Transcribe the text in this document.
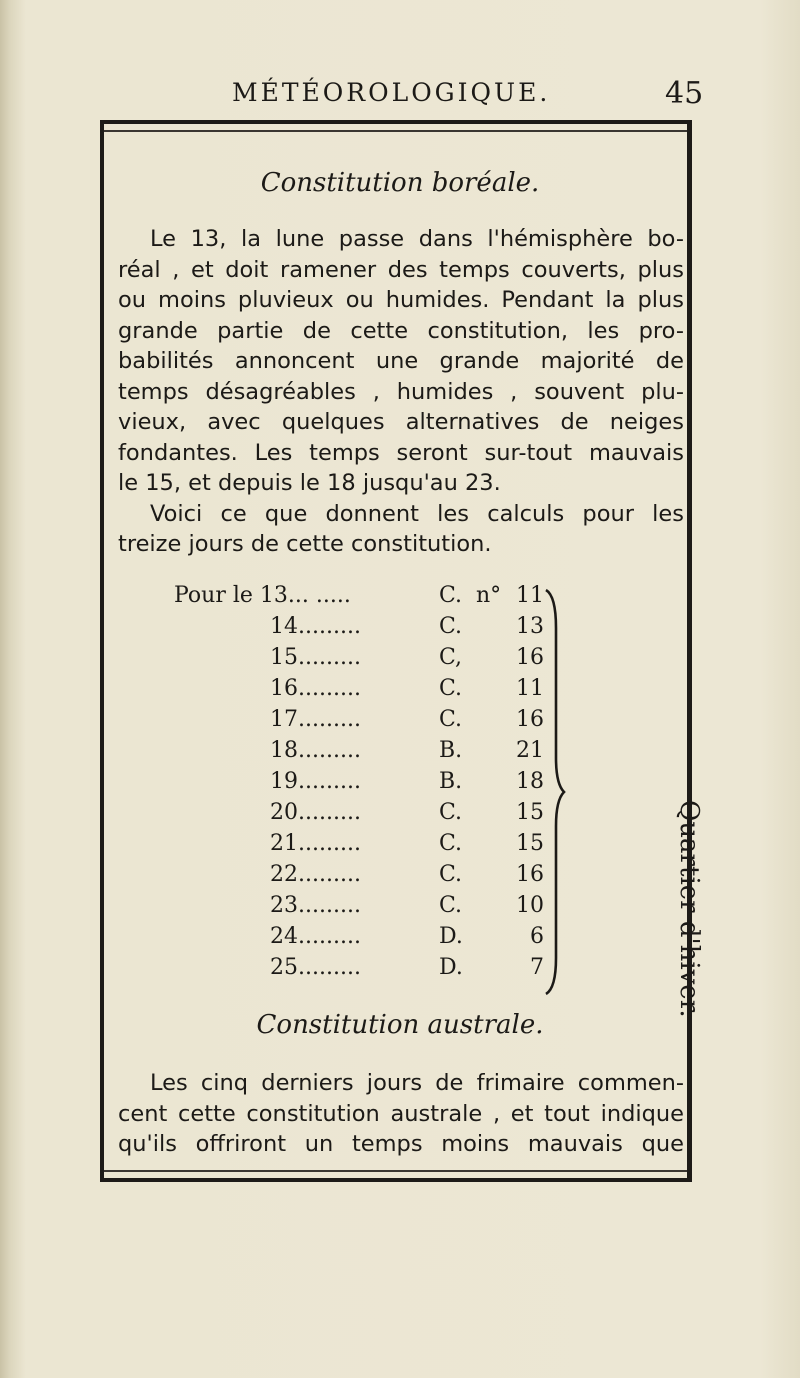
MÉTÉOROLOGIQUE.	45
Constitution boréale.
Le 13, la lune passe dans l'hémisphère bo-
réal , et doit ramener des temps couverts, plus
ou moins pluvieux ou humides. Pendant la plus
grande partie de cette constitution, les pro-
babilités annoncent une grande majorité de
temps désagréables , humides , souvent plu-
vieux, avec quelques alternatives de neiges
fondantes. Les temps seront sur-tout mauvais
le 15, et depuis le 18 jusqu'au 23.
Voici ce que donnent les calculs pour les
treize jours de cette constitution.
Pour le 13... .....	C. n° 11
14.........	C.	13
15.........	C,	16
16.........	C.	11
17.........	C.	16
18.........	B.	21
19.........	B.	18
20.........	C.	15
21.........	C.	15
22.........	C.	16
23.........	C.	10
24.........	D.	6
25.........	D.	7	Quartier d'hiver.
Constitution australe.
Les cinq derniers jours de frimaire commen-
cent cette constitution australe , et tout indique
qu'ils offriront un temps moins mauvais que
